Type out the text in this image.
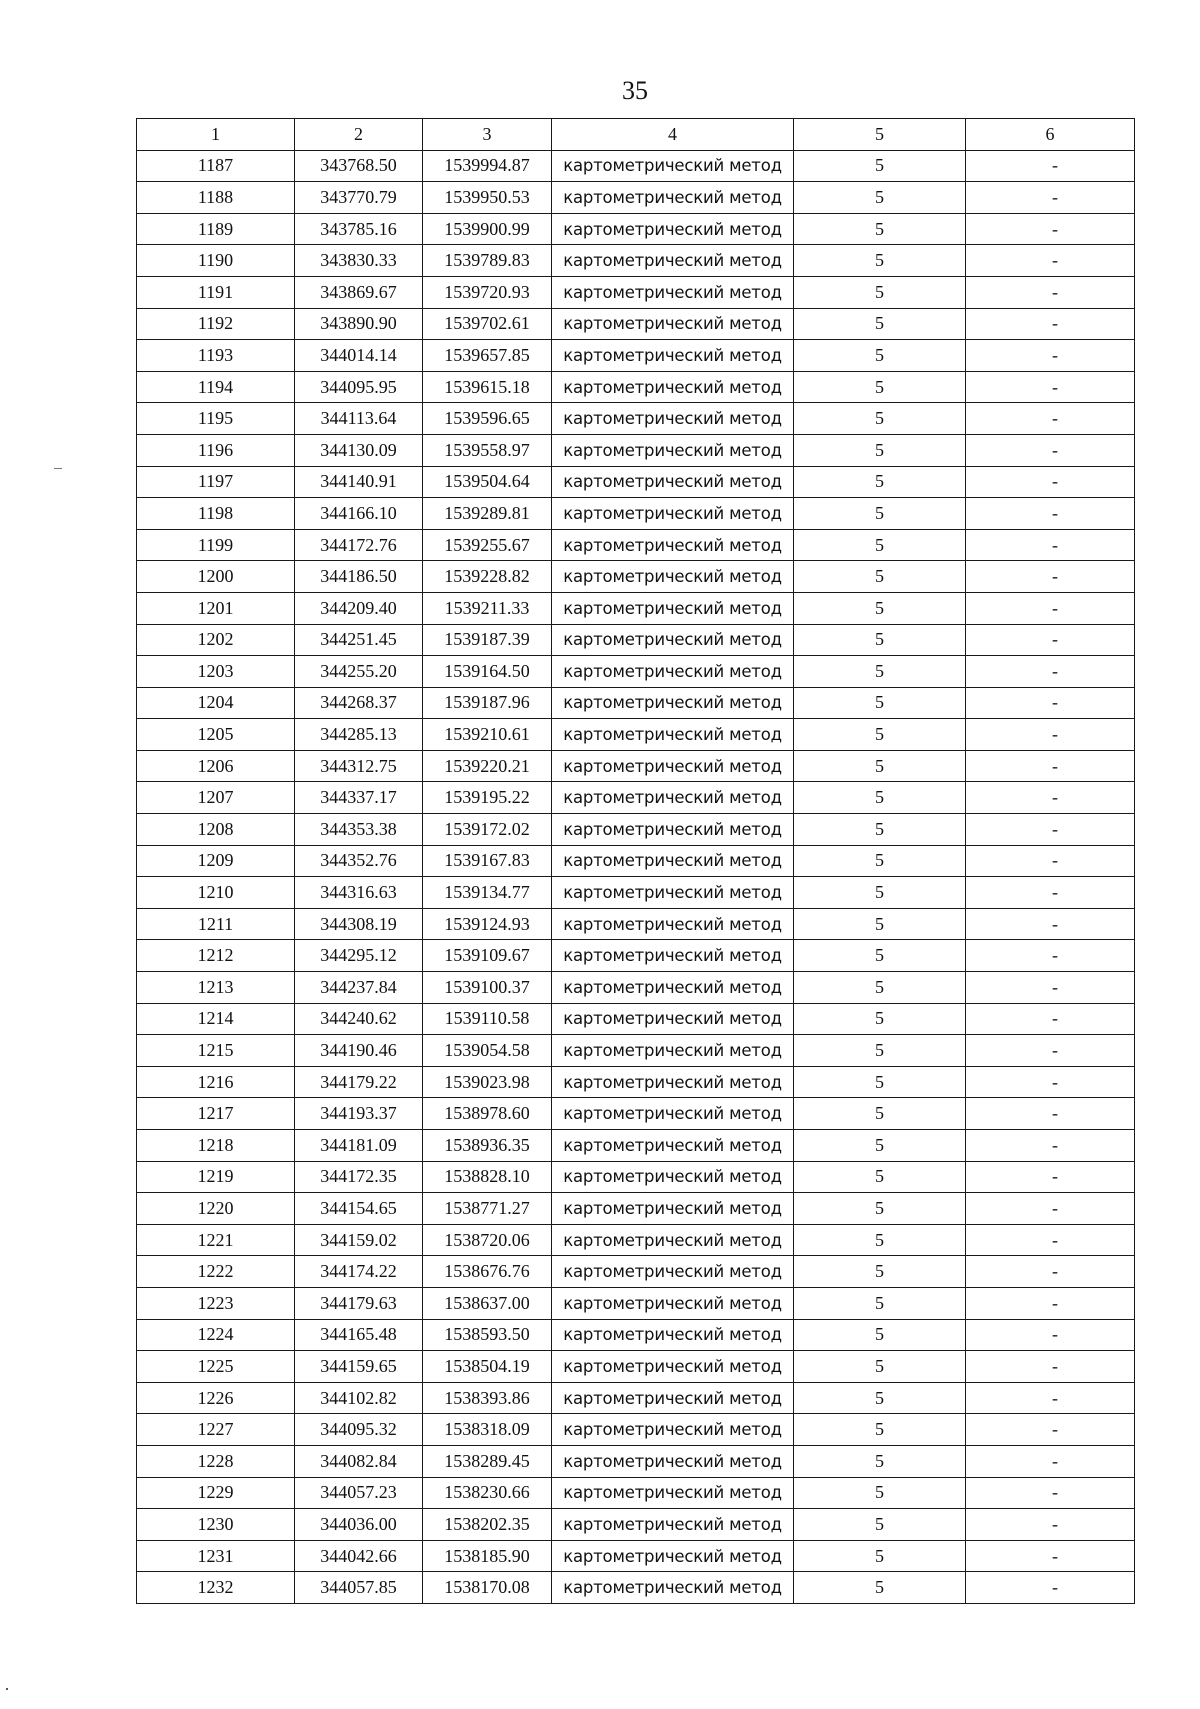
35
1	2	3	4	5	6
1187	343768.50	1539994.87	картометрический метод	5	-
1188	343770.79	1539950.53	картометрический метод	5	-
1189	343785.16	1539900.99	картометрический метод	5	-
1190	343830.33	1539789.83	картометрический метод	5	-
1191	343869.67	1539720.93	картометрический метод	5	-
1192	343890.90	1539702.61	картометрический метод	5	-
1193	344014.14	1539657.85	картометрический метод	5	-
1194	344095.95	1539615.18	картометрический метод	5	-
1195	344113.64	1539596.65	картометрический метод	5	-
1196	344130.09	1539558.97	картометрический метод	5	-
1197	344140.91	1539504.64	картометрический метод	5	-
1198	344166.10	1539289.81	картометрический метод	5	-
1199	344172.76	1539255.67	картометрический метод	5	-
1200	344186.50	1539228.82	картометрический метод	5	-
1201	344209.40	1539211.33	картометрический метод	5	-
1202	344251.45	1539187.39	картометрический метод	5	-
1203	344255.20	1539164.50	картометрический метод	5	-
1204	344268.37	1539187.96	картометрический метод	5	-
1205	344285.13	1539210.61	картометрический метод	5	-
1206	344312.75	1539220.21	картометрический метод	5	-
1207	344337.17	1539195.22	картометрический метод	5	-
1208	344353.38	1539172.02	картометрический метод	5	-
1209	344352.76	1539167.83	картометрический метод	5	-
1210	344316.63	1539134.77	картометрический метод	5	-
1211	344308.19	1539124.93	картометрический метод	5	-
1212	344295.12	1539109.67	картометрический метод	5	-
1213	344237.84	1539100.37	картометрический метод	5	-
1214	344240.62	1539110.58	картометрический метод	5	-
1215	344190.46	1539054.58	картометрический метод	5	-
1216	344179.22	1539023.98	картометрический метод	5	-
1217	344193.37	1538978.60	картометрический метод	5	-
1218	344181.09	1538936.35	картометрический метод	5	-
1219	344172.35	1538828.10	картометрический метод	5	-
1220	344154.65	1538771.27	картометрический метод	5	-
1221	344159.02	1538720.06	картометрический метод	5	-
1222	344174.22	1538676.76	картометрический метод	5	-
1223	344179.63	1538637.00	картометрический метод	5	-
1224	344165.48	1538593.50	картометрический метод	5	-
1225	344159.65	1538504.19	картометрический метод	5	-
1226	344102.82	1538393.86	картометрический метод	5	-
1227	344095.32	1538318.09	картометрический метод	5	-
1228	344082.84	1538289.45	картометрический метод	5	-
1229	344057.23	1538230.66	картометрический метод	5	-
1230	344036.00	1538202.35	картометрический метод	5	-
1231	344042.66	1538185.90	картометрический метод	5	-
1232	344057.85	1538170.08	картометрический метод	5	-
